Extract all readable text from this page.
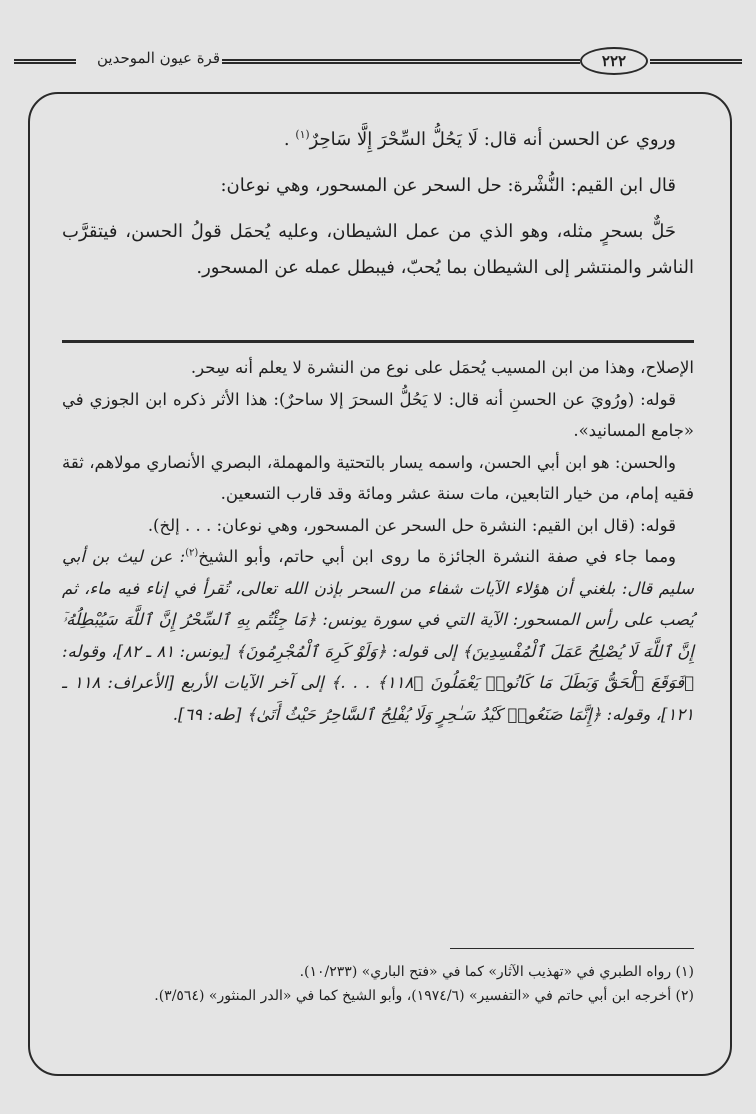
قرة عيون الموحدين	٢٢٢

وروي عن الحسن أنه قال: لَا يَحُلُّ السِّحْرَ إِلَّا سَاحِرٌ$^{(١)}$ .

قال ابن القيم: النُّشْرة: حل السحر عن المسحور، وهي نوعان:

حَلٌّ بسحرٍ مثله، وهو الذي من عمل الشيطان، وعليه يُحمَل قولُ الحسن، فيتقرَّب الناشر والمنتشر إلى الشيطان بما يُحبّ، فيبطل عمله عن المسحور.

الإصلاح، وهذا من ابن المسيب يُحمَل على نوع من النشرة لا يعلم أنه سِحر.

قوله: (ورُويَ عن الحسنِ أنه قال: لا يَحُلُّ السحرَ إلا ساحرٌ): هذا الأثر ذكره ابن الجوزي في «جامع المسانيد».

والحسن: هو ابن أبي الحسن، واسمه يسار بالتحتية والمهملة، البصري الأنصاري مولاهم، ثقة فقيه إمام، من خيار التابعين، مات سنة عشر ومائة وقد قارب التسعين.

قوله: (قال ابن القيم: النشرة حل السحر عن المسحور، وهي نوعان: . . . إلخ).

ومما جاء في صفة النشرة الجائزة ما روى ابن أبي حاتم، وأبو الشيخ$^{(٢)}$: عن ليث بن أبي سليم قال: بلغني أن هؤلاء الآيات شفاء من السحر بإذن الله تعالى، تُقرأ في إناء فيه ماء، ثم يُصب على رأس المسحور: الآية التي في سورة يونس: ﴿مَا جِئْتُم بِهِ ٱلسِّحْرُ إِنَّ ٱللَّهَ سَيُبْطِلُهُۥٓ إِنَّ ٱللَّهَ لَا يُصْلِحُ عَمَلَ ٱلْمُفْسِدِينَ﴾ إلى قوله: ﴿وَلَوْ كَرِهَ ٱلْمُجْرِمُونَ﴾ [يونس: ٨١ ـ ٨٢]، وقوله: ﴿فَوَقَعَ ٱلْحَقُّ وَبَطَلَ مَا كَانُوا۟ يَعْمَلُونَ ﴿١١٨﴾ . . .﴾ إلى آخر الآيات الأربع [الأعراف: ١١٨ ـ ١٢١]، وقوله: ﴿إِنَّمَا صَنَعُوا۟ كَيْدُ سَـٰحِرٍ وَلَا يُفْلِحُ ٱلسَّاحِرُ حَيْثُ أَتَىٰ﴾ [طه: ٦٩].

(١) رواه الطبري في «تهذيب الآثار» كما في «فتح الباري» (١٠/٢٣٣).

(٢) أخرجه ابن أبي حاتم في «التفسير» (١٩٧٤/٦)، وأبو الشيخ كما في «الدر المنثور» (٣/٥٦٤).
